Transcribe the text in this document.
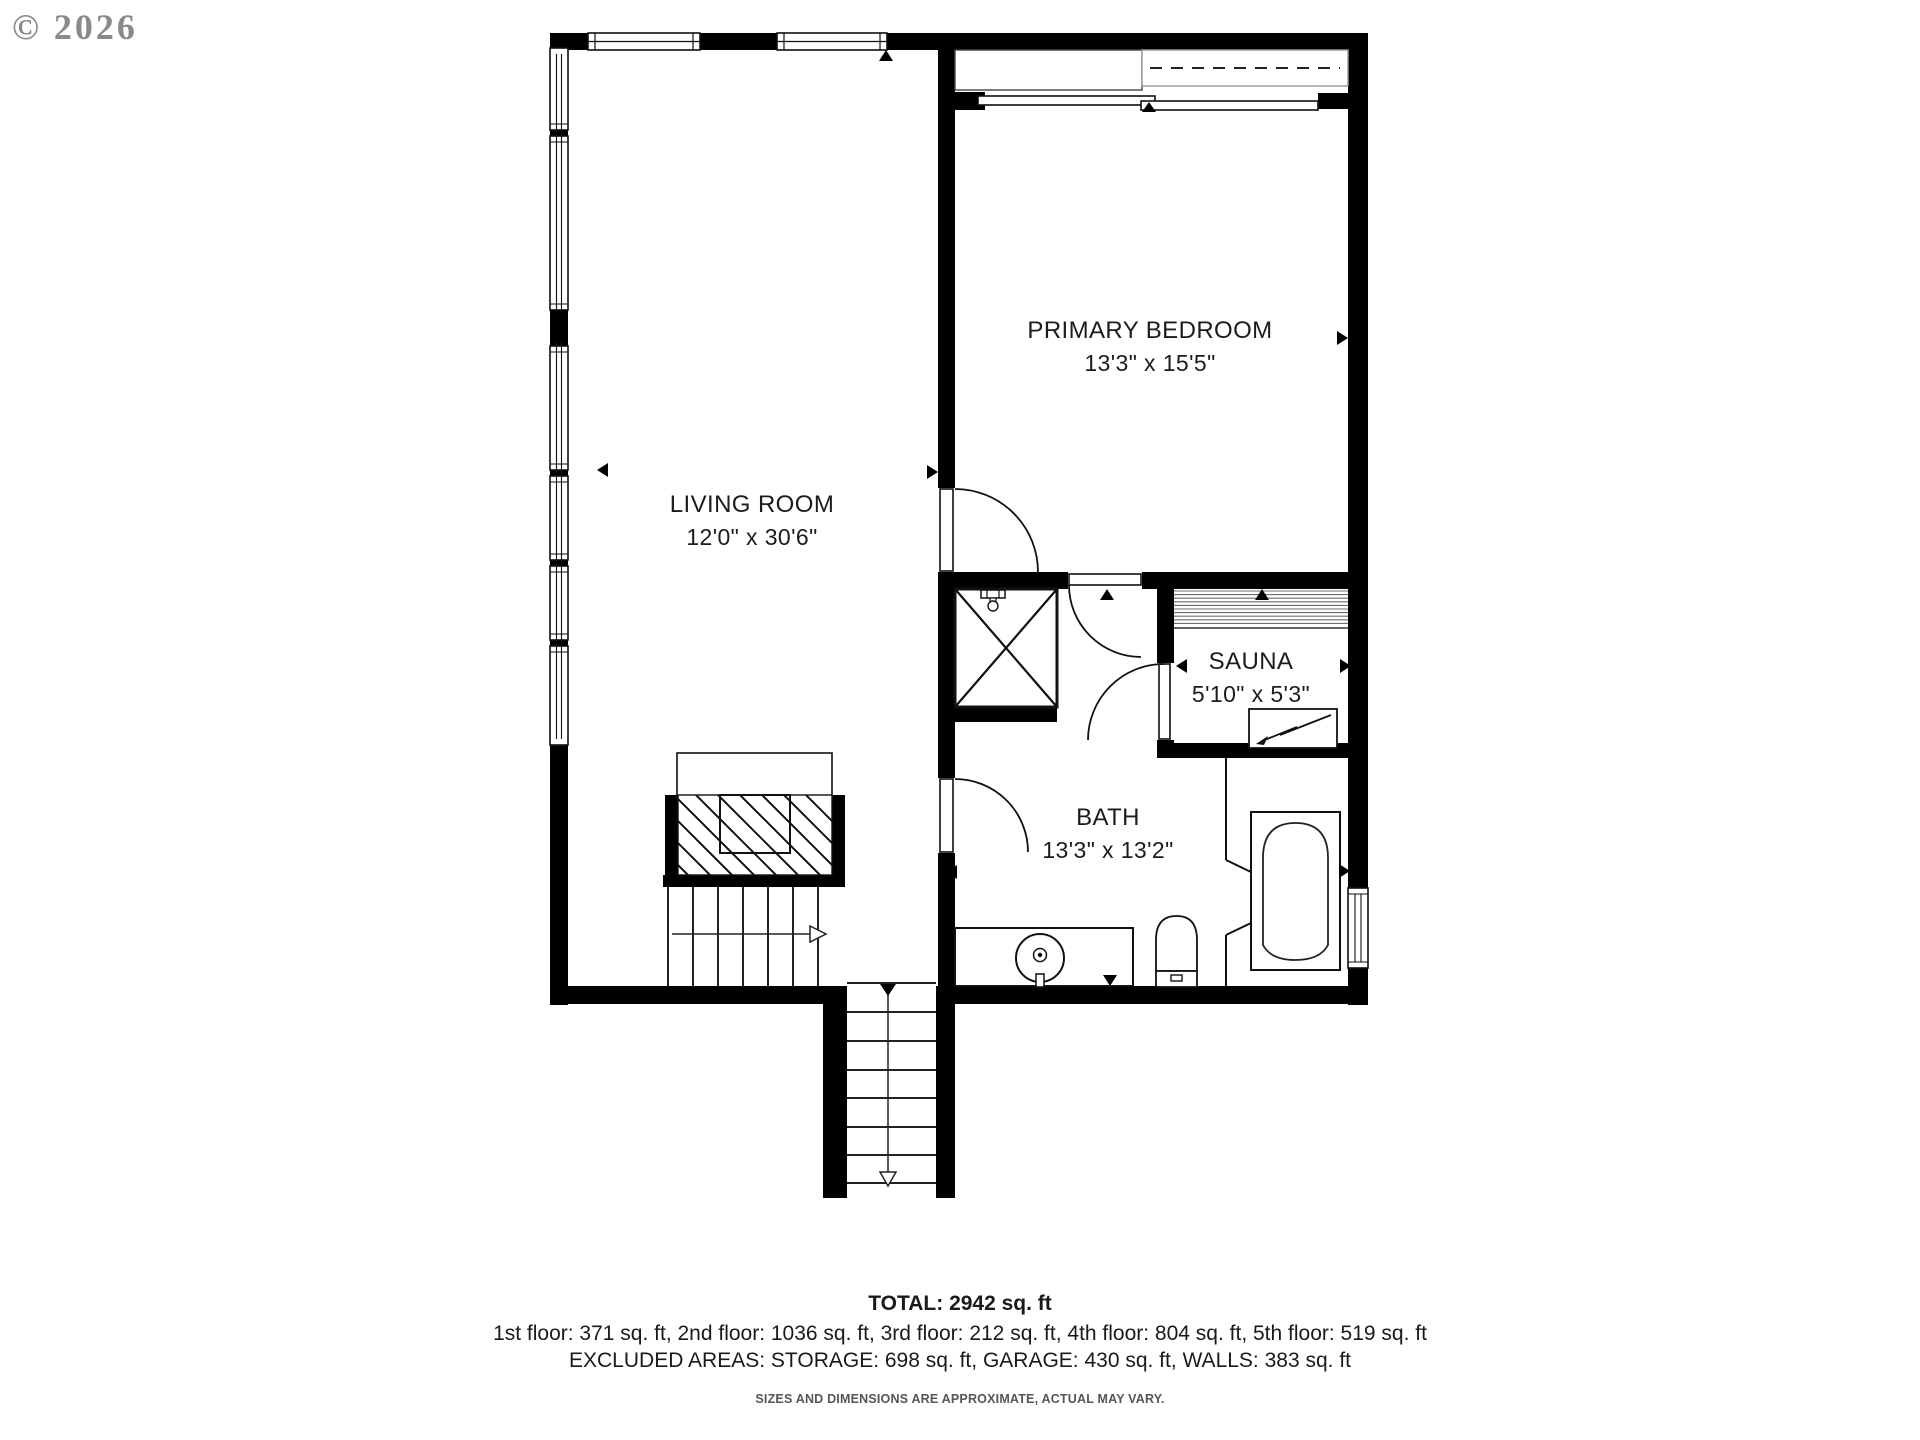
© 2026
PRIMARY BEDROOM
13'3" x 15'5"
LIVING ROOM
12'0" x 30'6"
SAUNA
5'10" x 5'3"
BATH
13'3" x 13'2"
TOTAL: 2942 sq. ft
1st floor: 371 sq. ft, 2nd floor: 1036 sq. ft, 3rd floor: 212 sq. ft, 4th floor: 804 sq. ft, 5th floor: 519 sq. ft
EXCLUDED AREAS: STORAGE: 698 sq. ft, GARAGE: 430 sq. ft, WALLS: 383 sq. ft
SIZES AND DIMENSIONS ARE APPROXIMATE, ACTUAL MAY VARY.
